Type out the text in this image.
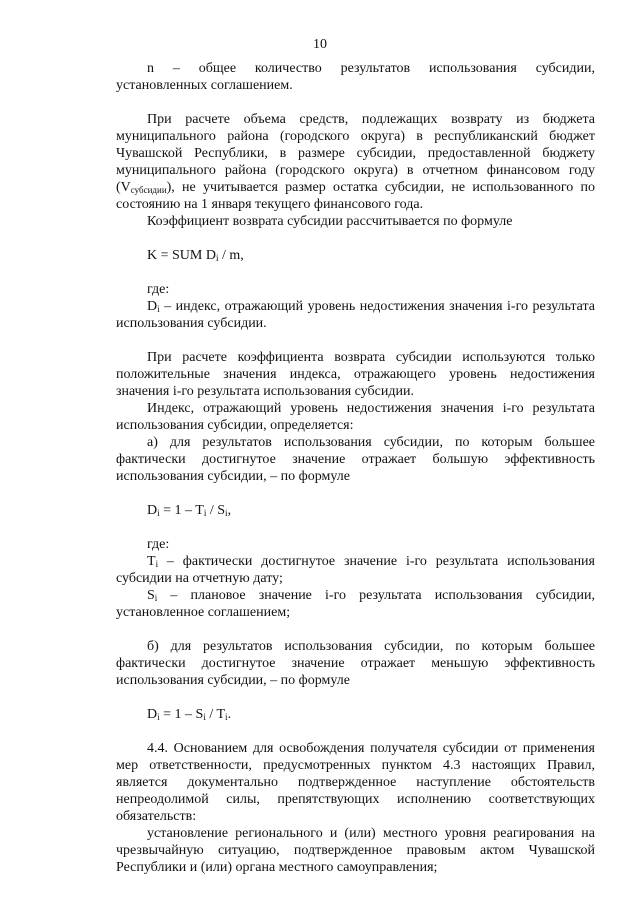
10

n – общее количество результатов использования субсидии, установленных соглашением.

При расчете объема средств, подлежащих возврату из бюджета муниципального района (городского округа) в республиканский бюджет Чувашской Республики, в размере субсидии, предоставленной бюджету муниципального района (городского округа) в отчетном финансовом году $(V_{субсидии})$, не учитывается размер остатка субсидии, не использованного по состоянию на 1 января текущего финансового года.

Коэффициент возврата субсидии рассчитывается по формуле

K = SUM $D_i$ / m,

где:

$D_i$ – индекс, отражающий уровень недостижения значения i-го результата использования субсидии.

При расчете коэффициента возврата субсидии используются только положительные значения индекса, отражающего уровень недостижения значения i-го результата использования субсидии.

Индекс, отражающий уровень недостижения значения i-го результата использования субсидии, определяется:

а) для результатов использования субсидии, по которым большее фактически достигнутое значение отражает большую эффективность использования субсидии, – по формуле

$D_i = 1 - T_i / S_i$,

где:

$T_i$ – фактически достигнутое значение i-го результата использования субсидии на отчетную дату;

$S_i$ – плановое значение i-го результата использования субсидии, установленное соглашением;

б) для результатов использования субсидии, по которым большее фактически достигнутое значение отражает меньшую эффективность использования субсидии, – по формуле

$D_i = 1 - S_i / T_i$.

4.4. Основанием для освобождения получателя субсидии от применения мер ответственности, предусмотренных пунктом 4.3 настоящих Правил, является документально подтвержденное наступление обстоятельств непреодолимой силы, препятствующих исполнению соответствующих обязательств:

установление регионального и (или) местного уровня реагирования на чрезвычайную ситуацию, подтвержденное правовым актом Чувашской Республики и (или) органа местного самоуправления;
